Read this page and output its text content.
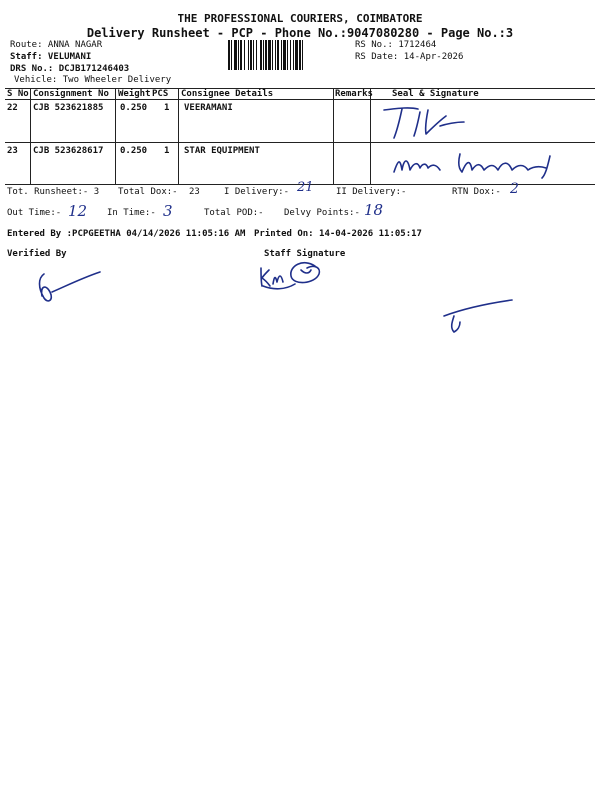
THE PROFESSIONAL COURIERS, COIMBATORE
Delivery Runsheet - PCP - Phone No.:9047080280 - Page No.:3
Route: ANNA NAGAR
Staff: VELUMANI
DRS No.: DCJB171246403
Vehicle: Two Wheeler Delivery
RS No.: 1712464
RS Date: 14-Apr-2026
S No Consignment No Weight PCS Consignee Details	Remarks Seal & Signature
22 CJB 523621885 0.250 1 VEERAMANI
23 CJB 523628617 0.250 1 STAR EQUIPMENT
Tot. Runsheet:- 3 Total Dox:- 23	I Delivery:- 21 II Delivery:-	RTN Dox:- 2
Out Time:- 12 In Time:- 3	Total POD:- Delvy Points:- 18
Entered By :PCPGEETHA 04/14/2026 11:05:16 AM Printed On: 14-04-2026 11:05:17
Verified By	Staff Signature
